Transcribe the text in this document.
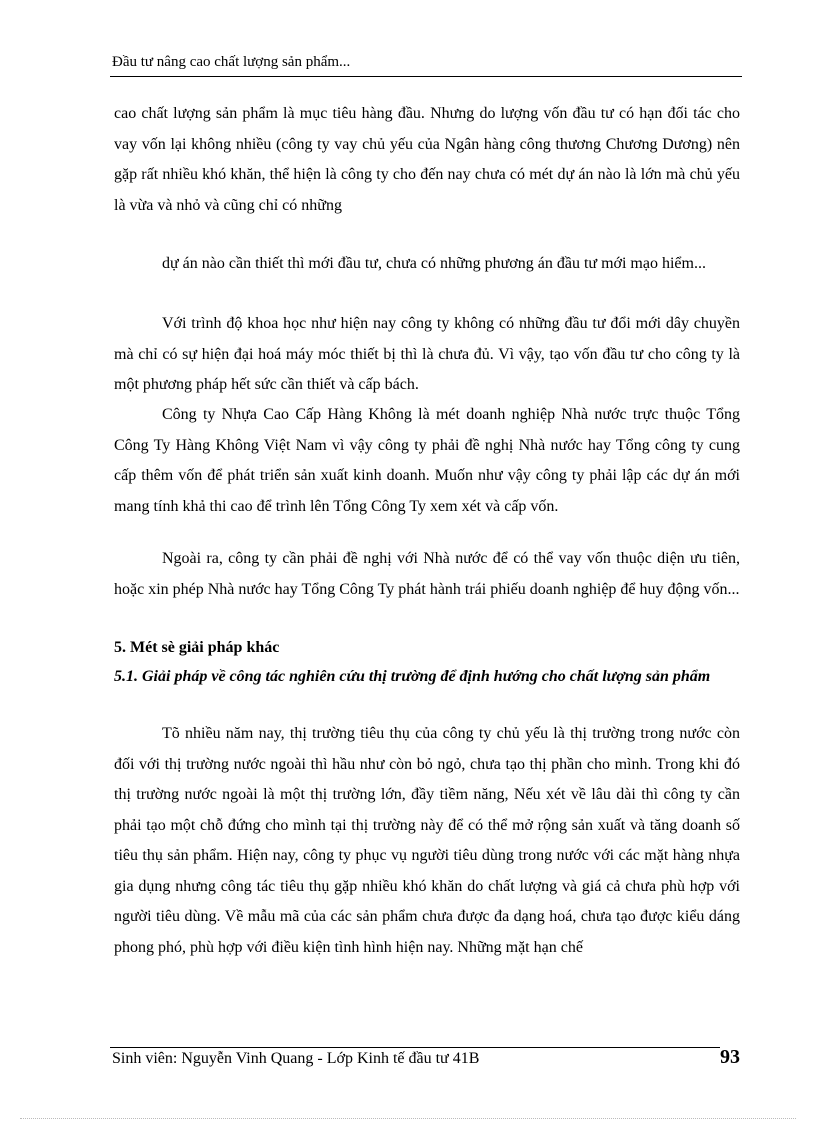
Đầu tư nâng cao chất lượng sản phẩm...
cao chất lượng sản phẩm là mục tiêu hàng đầu. Nhưng do lượng vốn đầu tư có hạn đối tác cho vay vốn lại không nhiều (công ty vay chủ yếu của Ngân hàng công thương Chương Dương) nên gặp rất nhiều khó khăn, thể hiện là công ty cho đến nay chưa có mét dự án nào là lớn mà chủ yếu là vừa và nhỏ và cũng chỉ có những
dự án nào cần thiết thì mới đầu tư, chưa có những phương án đầu tư mới mạo hiểm...
Với trình độ khoa học như hiện nay công ty không có những đầu tư đổi mới dây chuyền mà chỉ có sự hiện đại hoá máy móc thiết bị thì là chưa đủ. Vì vậy, tạo vốn đầu tư cho công ty là một phương pháp hết sức cần thiết và cấp bách.
Công ty Nhựa Cao Cấp Hàng Không là mét doanh nghiệp Nhà nước trực thuộc Tổng Công Ty Hàng Không Việt Nam vì vậy công ty phải đề nghị Nhà nước hay Tổng công ty cung cấp thêm vốn để phát triển sản xuất kinh doanh. Muốn như vậy công ty phải lập các dự án mới mang tính khả thi cao để trình lên Tổng Công Ty xem xét và cấp vốn.
Ngoài ra, công ty cần phải đề nghị với Nhà nước để có thể vay vốn thuộc diện ưu tiên, hoặc xin phép Nhà nước hay Tổng Công Ty phát hành trái phiếu doanh nghiệp để huy động vốn...
5. Mét sè giải pháp khác
5.1. Giải pháp về công tác nghiên cứu thị trường để định hướng cho chất lượng sản phẩm
Tõ nhiều năm nay, thị trường tiêu thụ của công ty chủ yếu là thị trường trong nước còn đối với thị trường nước ngoài thì hầu như còn bỏ ngỏ, chưa tạo thị phần cho mình. Trong khi đó thị trường nước ngoài là một thị trường lớn, đầy tiềm năng, Nếu xét về lâu dài thì công ty cần phải tạo một chỗ đứng cho mình tại thị trường này để có thể mở rộng sản xuất và tăng doanh số tiêu thụ sản phẩm. Hiện nay, công ty phục vụ người tiêu dùng trong nước với các mặt hàng nhựa gia dụng nhưng công tác tiêu thụ gặp nhiều khó khăn do chất lượng và giá cả chưa phù hợp với người tiêu dùng. Về mẫu mã của các sản phẩm chưa được đa dạng hoá, chưa tạo được kiểu dáng phong phó, phù hợp với điều kiện tình hình hiện nay. Những mặt hạn chế
Sinh viên: Nguyễn Vinh Quang - Lớp Kinh tế đầu tư 41B	93
